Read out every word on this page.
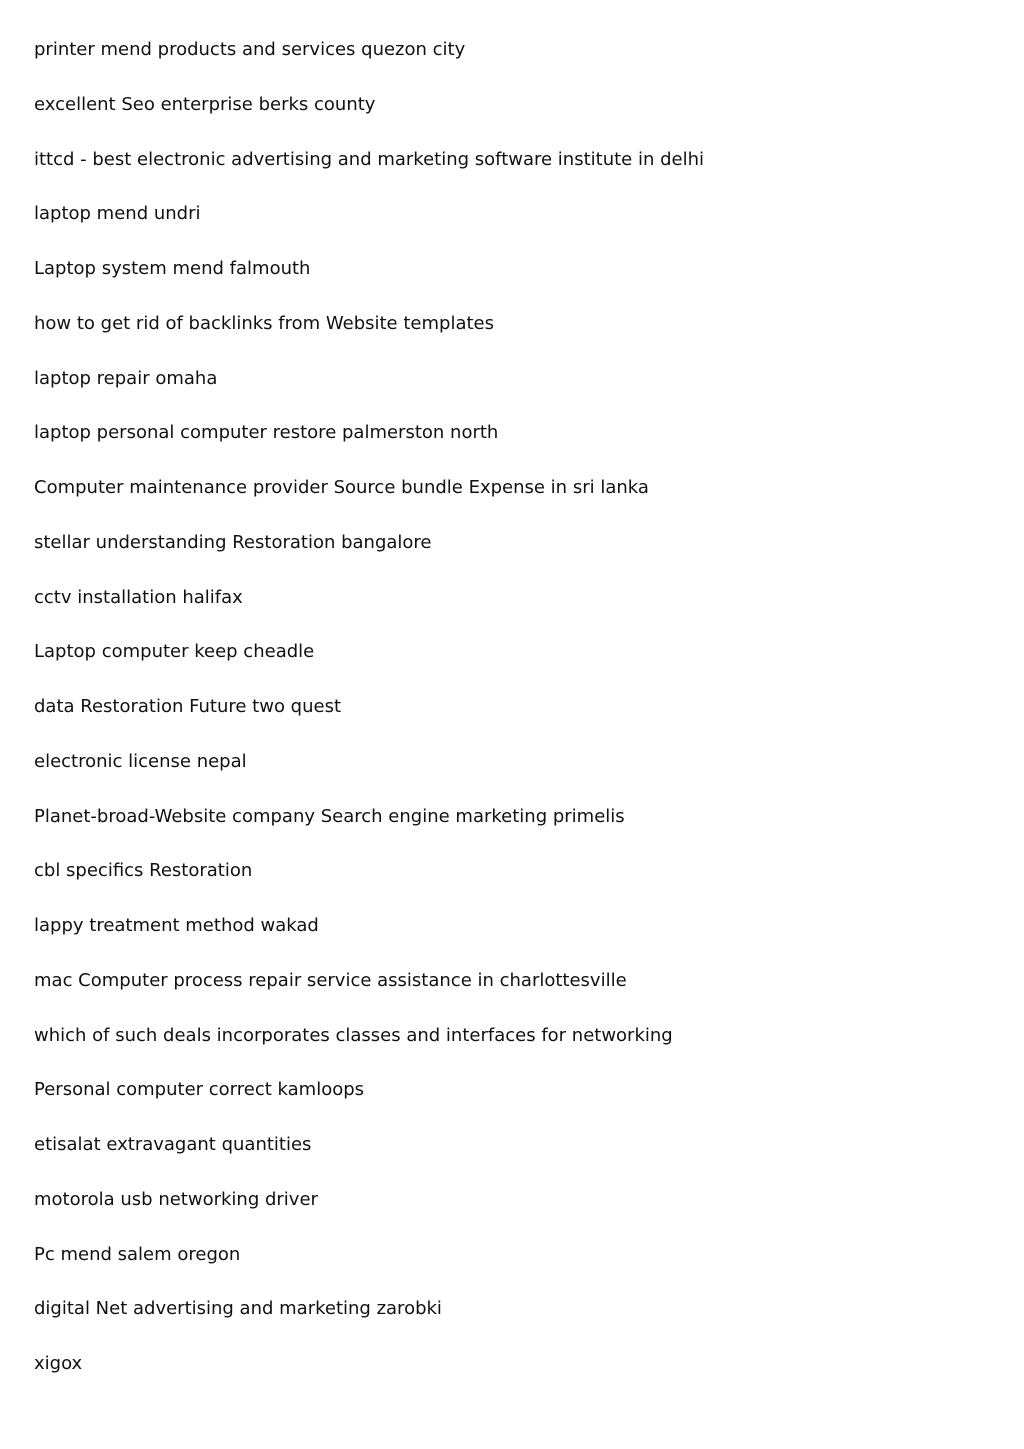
printer mend products and services quezon city
excellent Seo enterprise berks county
ittcd - best electronic advertising and marketing software institute in delhi
laptop mend undri
Laptop system mend falmouth
how to get rid of backlinks from Website templates
laptop repair omaha
laptop personal computer restore palmerston north
Computer maintenance provider Source bundle Expense in sri lanka
stellar understanding Restoration bangalore
cctv installation halifax
Laptop computer keep cheadle
data Restoration Future two quest
electronic license nepal
Planet-broad-Website company Search engine marketing primelis
cbl specifics Restoration
lappy treatment method wakad
mac Computer process repair service assistance in charlottesville
which of such deals incorporates classes and interfaces for networking
Personal computer correct kamloops
etisalat extravagant quantities
motorola usb networking driver
Pc mend salem oregon
digital Net advertising and marketing zarobki
xigox
